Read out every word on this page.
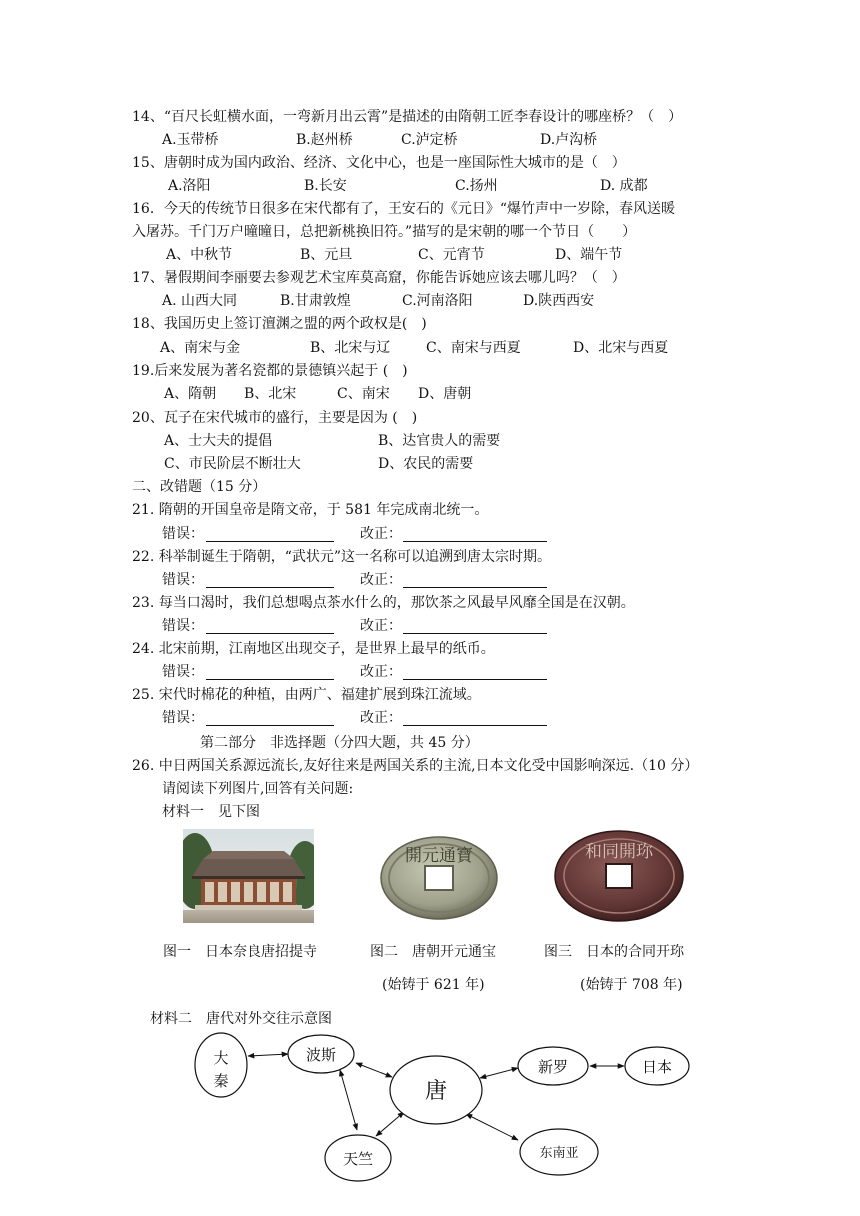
14、“百尺长虹横水面，一弯新月出云霄”是描述的由隋朝工匠李春设计的哪座桥？（　）
A.玉带桥	B.赵州桥	C.泸定桥	D.卢沟桥
15、唐朝时成为国内政治、经济、文化中心，也是一座国际性大城市的是（　）
A.洛阳	B.长安	C.扬州	D. 成都
16．今天的传统节日很多在宋代都有了，王安石的《元日》“爆竹声中一岁除，春风送暖
入屠苏。千门万户曈曈日，总把新桃换旧符。”描写的是宋朝的哪一个节日（　　）
A、中秋节	B、元旦	C、元宵节	D、端午节
17、暑假期间李丽要去参观艺术宝库莫高窟，你能告诉她应该去哪儿吗？（　）
A. 山西大同	B.甘肃敦煌	C.河南洛阳	D.陕西西安
18、我国历史上签订澶渊之盟的两个政权是(　)
A、南宋与金	B、北宋与辽	C、南宋与西夏	D、北宋与西夏
19.后来发展为著名瓷都的景德镇兴起于 (　)
A、隋朝 B、北宋	C、南宋 D、唐朝
20、瓦子在宋代城市的盛行，主要是因为 (　)
A、士大夫的提倡	B、达官贵人的需要
C、市民阶层不断壮大	D、农民的需要
二、改错题（15 分）
21. 隋朝的开国皇帝是隋文帝，于 581 年完成南北统一。
错误：	改正：
22. 科举制诞生于隋朝，“武状元”这一名称可以追溯到唐太宗时期。
错误：	改正：
23. 每当口渴时，我们总想喝点茶水什么的，那饮茶之风最早风靡全国是在汉朝。
错误：	改正：
24. 北宋前期，江南地区出现交子，是世界上最早的纸币。
错误：	改正：
25. 宋代时棉花的种植，由两广、福建扩展到珠江流域。
错误：	改正：
第二部分　非选择题（分四大题，共 45 分）
26. 中日两国关系源远流长,友好往来是两国关系的主流,日本文化受中国影响深远.（10 分）
请阅读下列图片,回答有关问题:
材料一　见下图
開元通寶	和同開珎
图一　日本奈良唐招提寺	图二　唐朝开元通宝
(始铸于 621 年)
图三　日本的合同开珎
(始铸于 708 年)
材料二　唐代对外交往示意图
大
秦
波斯
唐
天竺
新罗	日本
东南亚
